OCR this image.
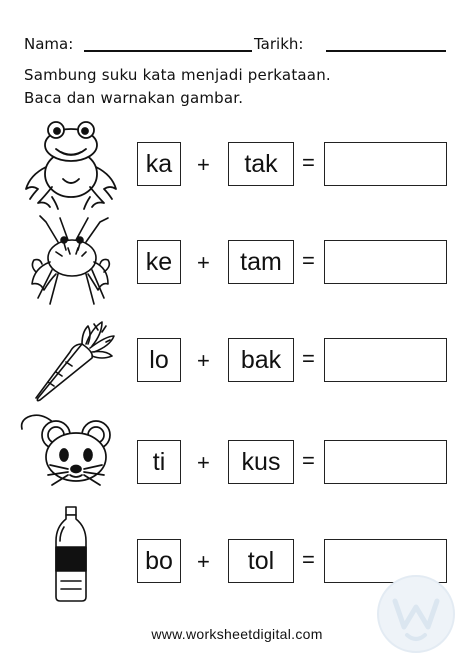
Nama:	Tarikh:
Sambung suku kata menjadi perkataan.
Baca dan warnakan gambar.
ka	+	tak	=
ke	+	tam =
lo	+	bak =
ti	+	kus =
bo	+	tol	=
www.worksheetdigital.com
